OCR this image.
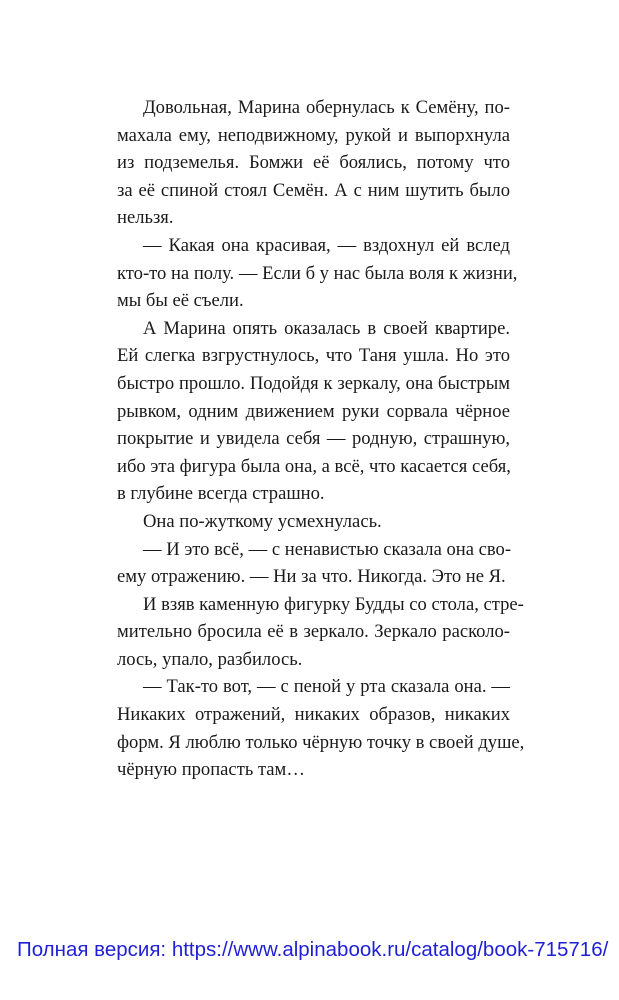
Довольная, Марина обернулась к Семёну, по-
махала ему, неподвижному, рукой и выпорхнула
из подземелья. Бомжи её боялись, потому что
за её спиной стоял Семён. А с ним шутить было
нельзя.

— Какая она красивая, — вздохнул ей вслед
кто-то на полу. — Если б у нас была воля к жизни,
мы бы её съели.

А Марина опять оказалась в своей квартире.
Ей слегка взгрустнулось, что Таня ушла. Но это
быстро прошло. Подойдя к зеркалу, она быстрым
рывком, одним движением руки сорвала чёрное
покрытие и увидела себя — родную, страшную,
ибо эта фигура была она, а всё, что касается себя,
в глубине всегда страшно.

Она по-жуткому усмехнулась.

— И это всё, — с ненавистью сказала она сво-
ему отражению. — Ни за что. Никогда. Это не Я.

И взяв каменную фигурку Будды со стола, стре-
мительно бросила её в зеркало. Зеркало расколо-
лось, упало, разбилось.

— Так-то вот, — с пеной у рта сказала она. —
Никаких отражений, никаких образов, никаких
форм. Я люблю только чёрную точку в своей душе,
чёрную пропасть там…

Полная версия: https://www.alpinabook.ru/catalog/book-715716/
